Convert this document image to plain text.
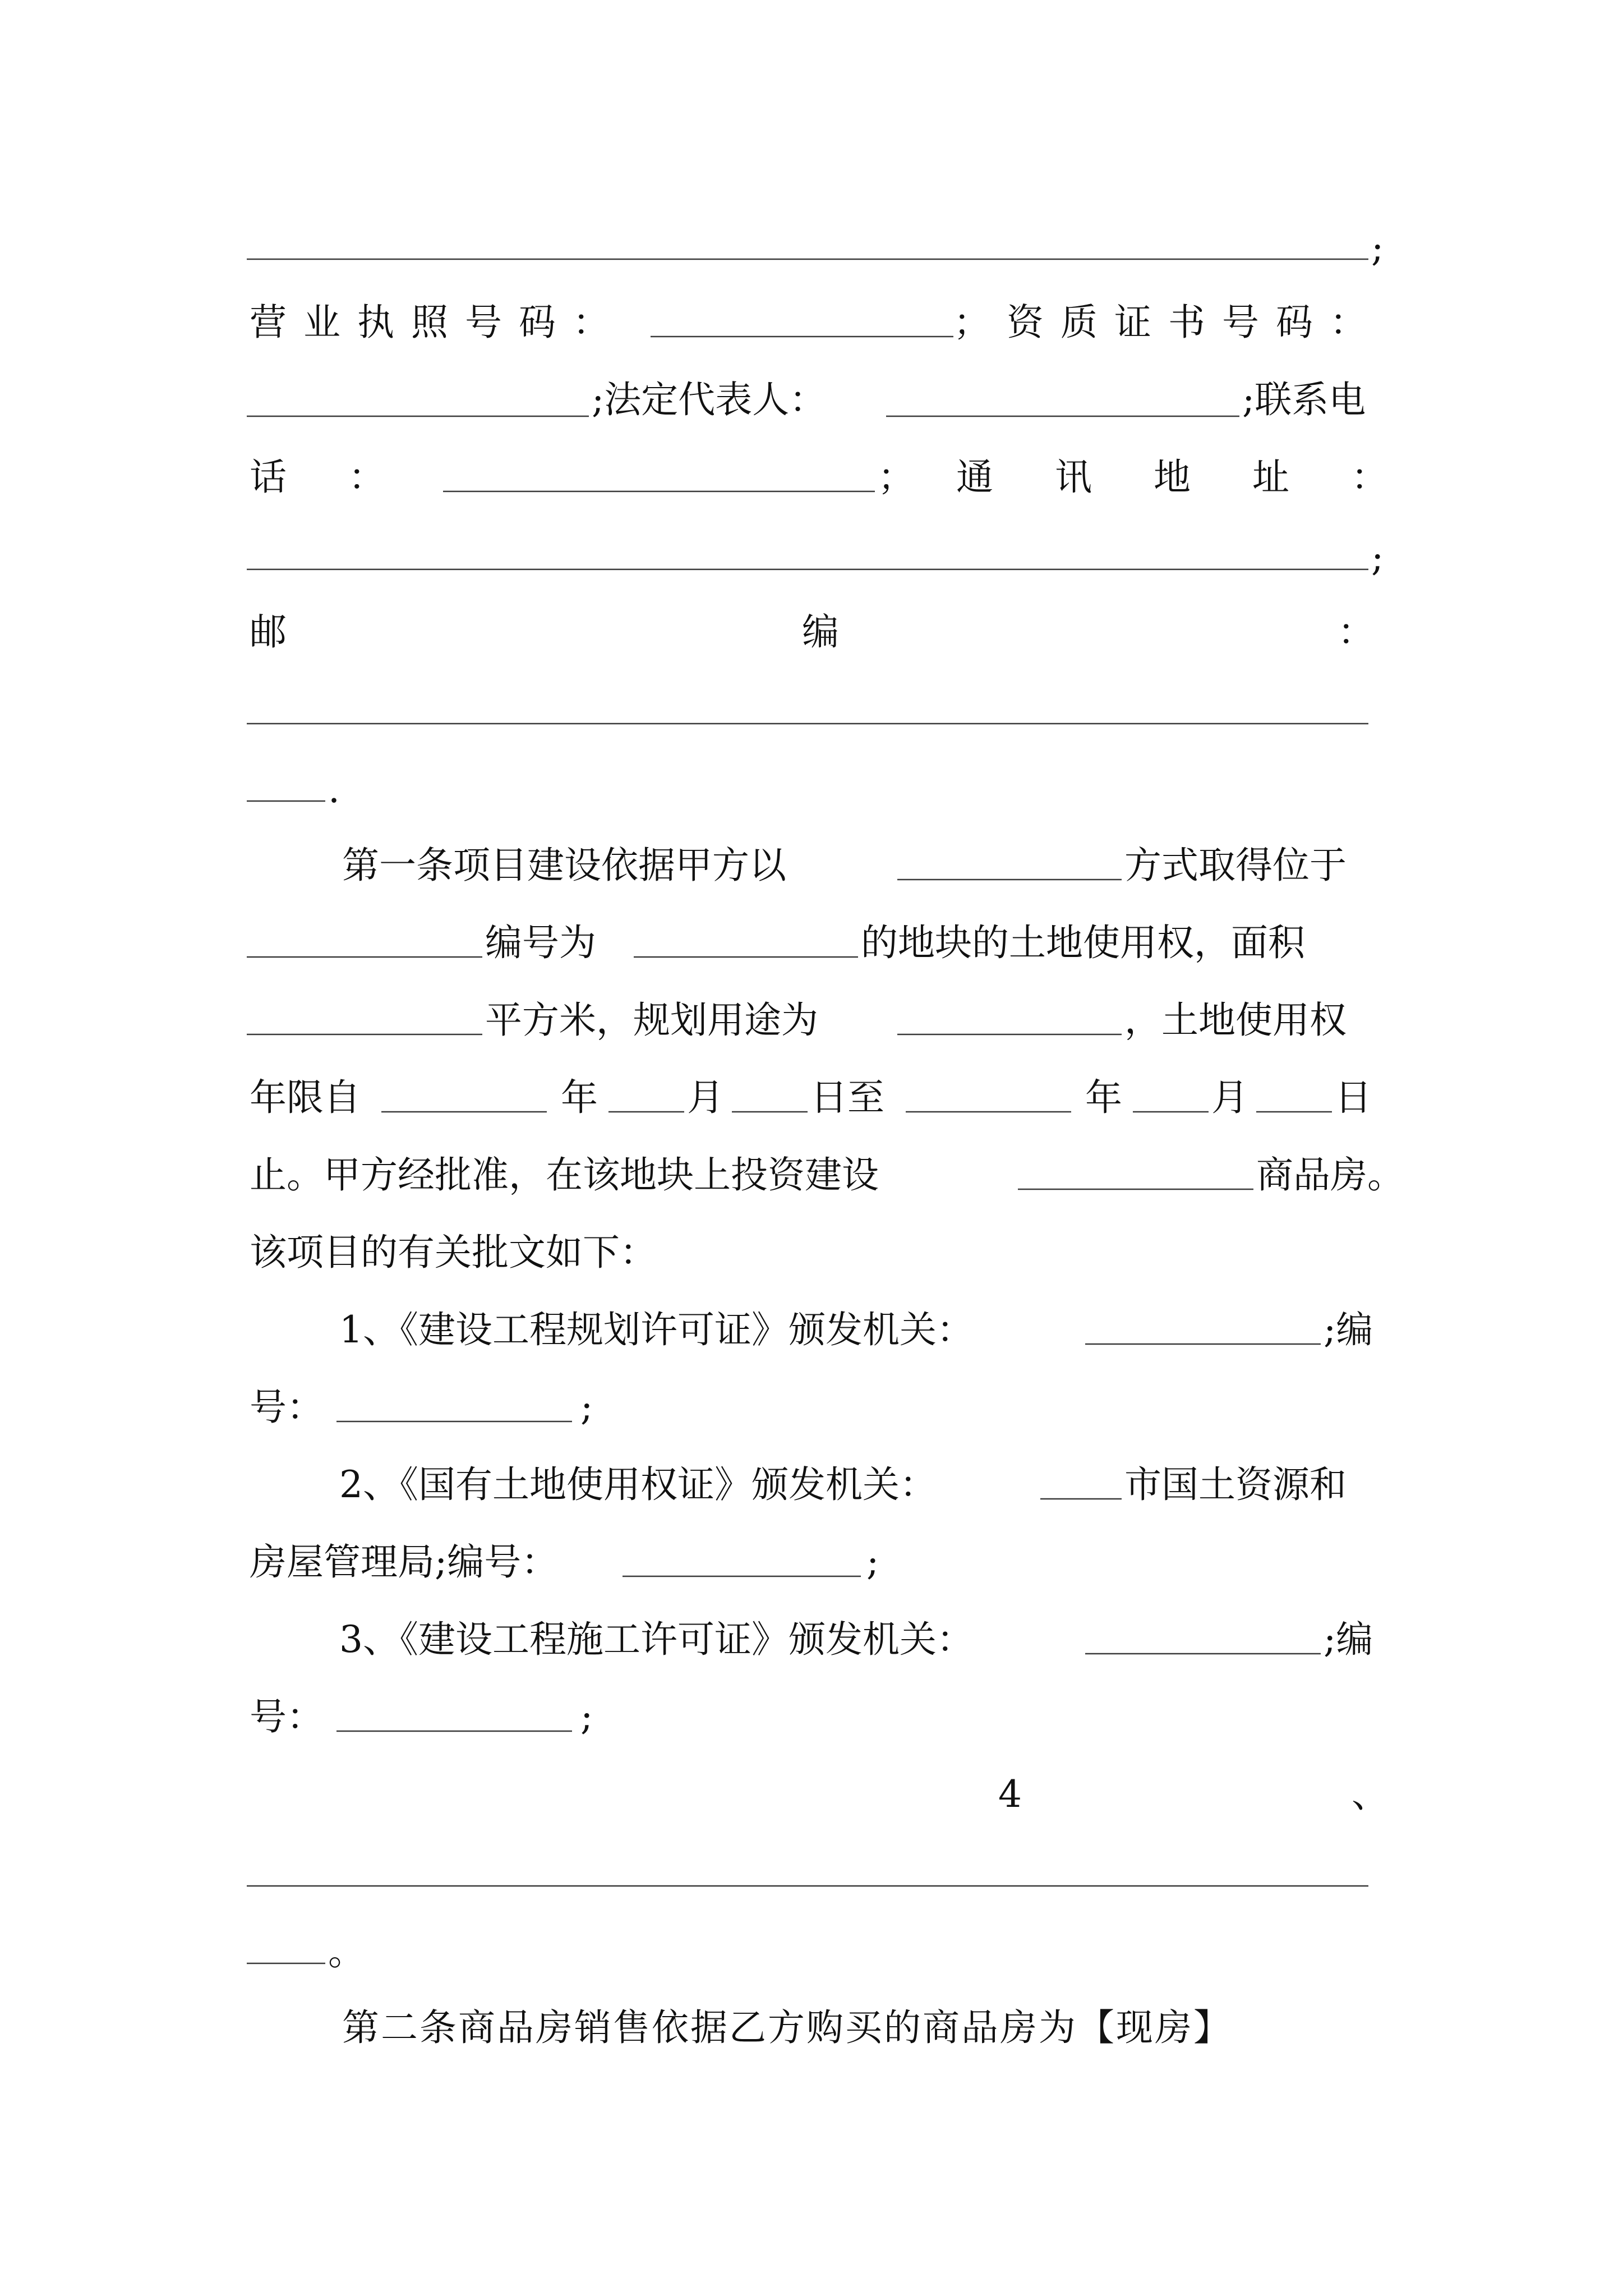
;
营业执照号码：	； 资质证书号码：
;法定代表人：	;联系电
话：	； 通讯地址：
;
邮	编	：
.
第一条项目建设依据甲方以	方式取得位于
编号为	的地块的土地使用权，面积
平方米，规划用途为	，土地使用权
年限自	年 月 日至	年 月 日
止。甲方经批准，在该地块上投资建设	商品房。
该项目的有关批文如下：
1、《建设工程规划许可证》颁发机关：	;编
号：	;
2、《国有土地使用权证》颁发机关：	市国土资源和
房屋管理局;编号：	;
3、《建设工程施工许可证》颁发机关：	;编
号：	;
4	、
。
第二条商品房销售依据乙方购买的商品房为【现房】
